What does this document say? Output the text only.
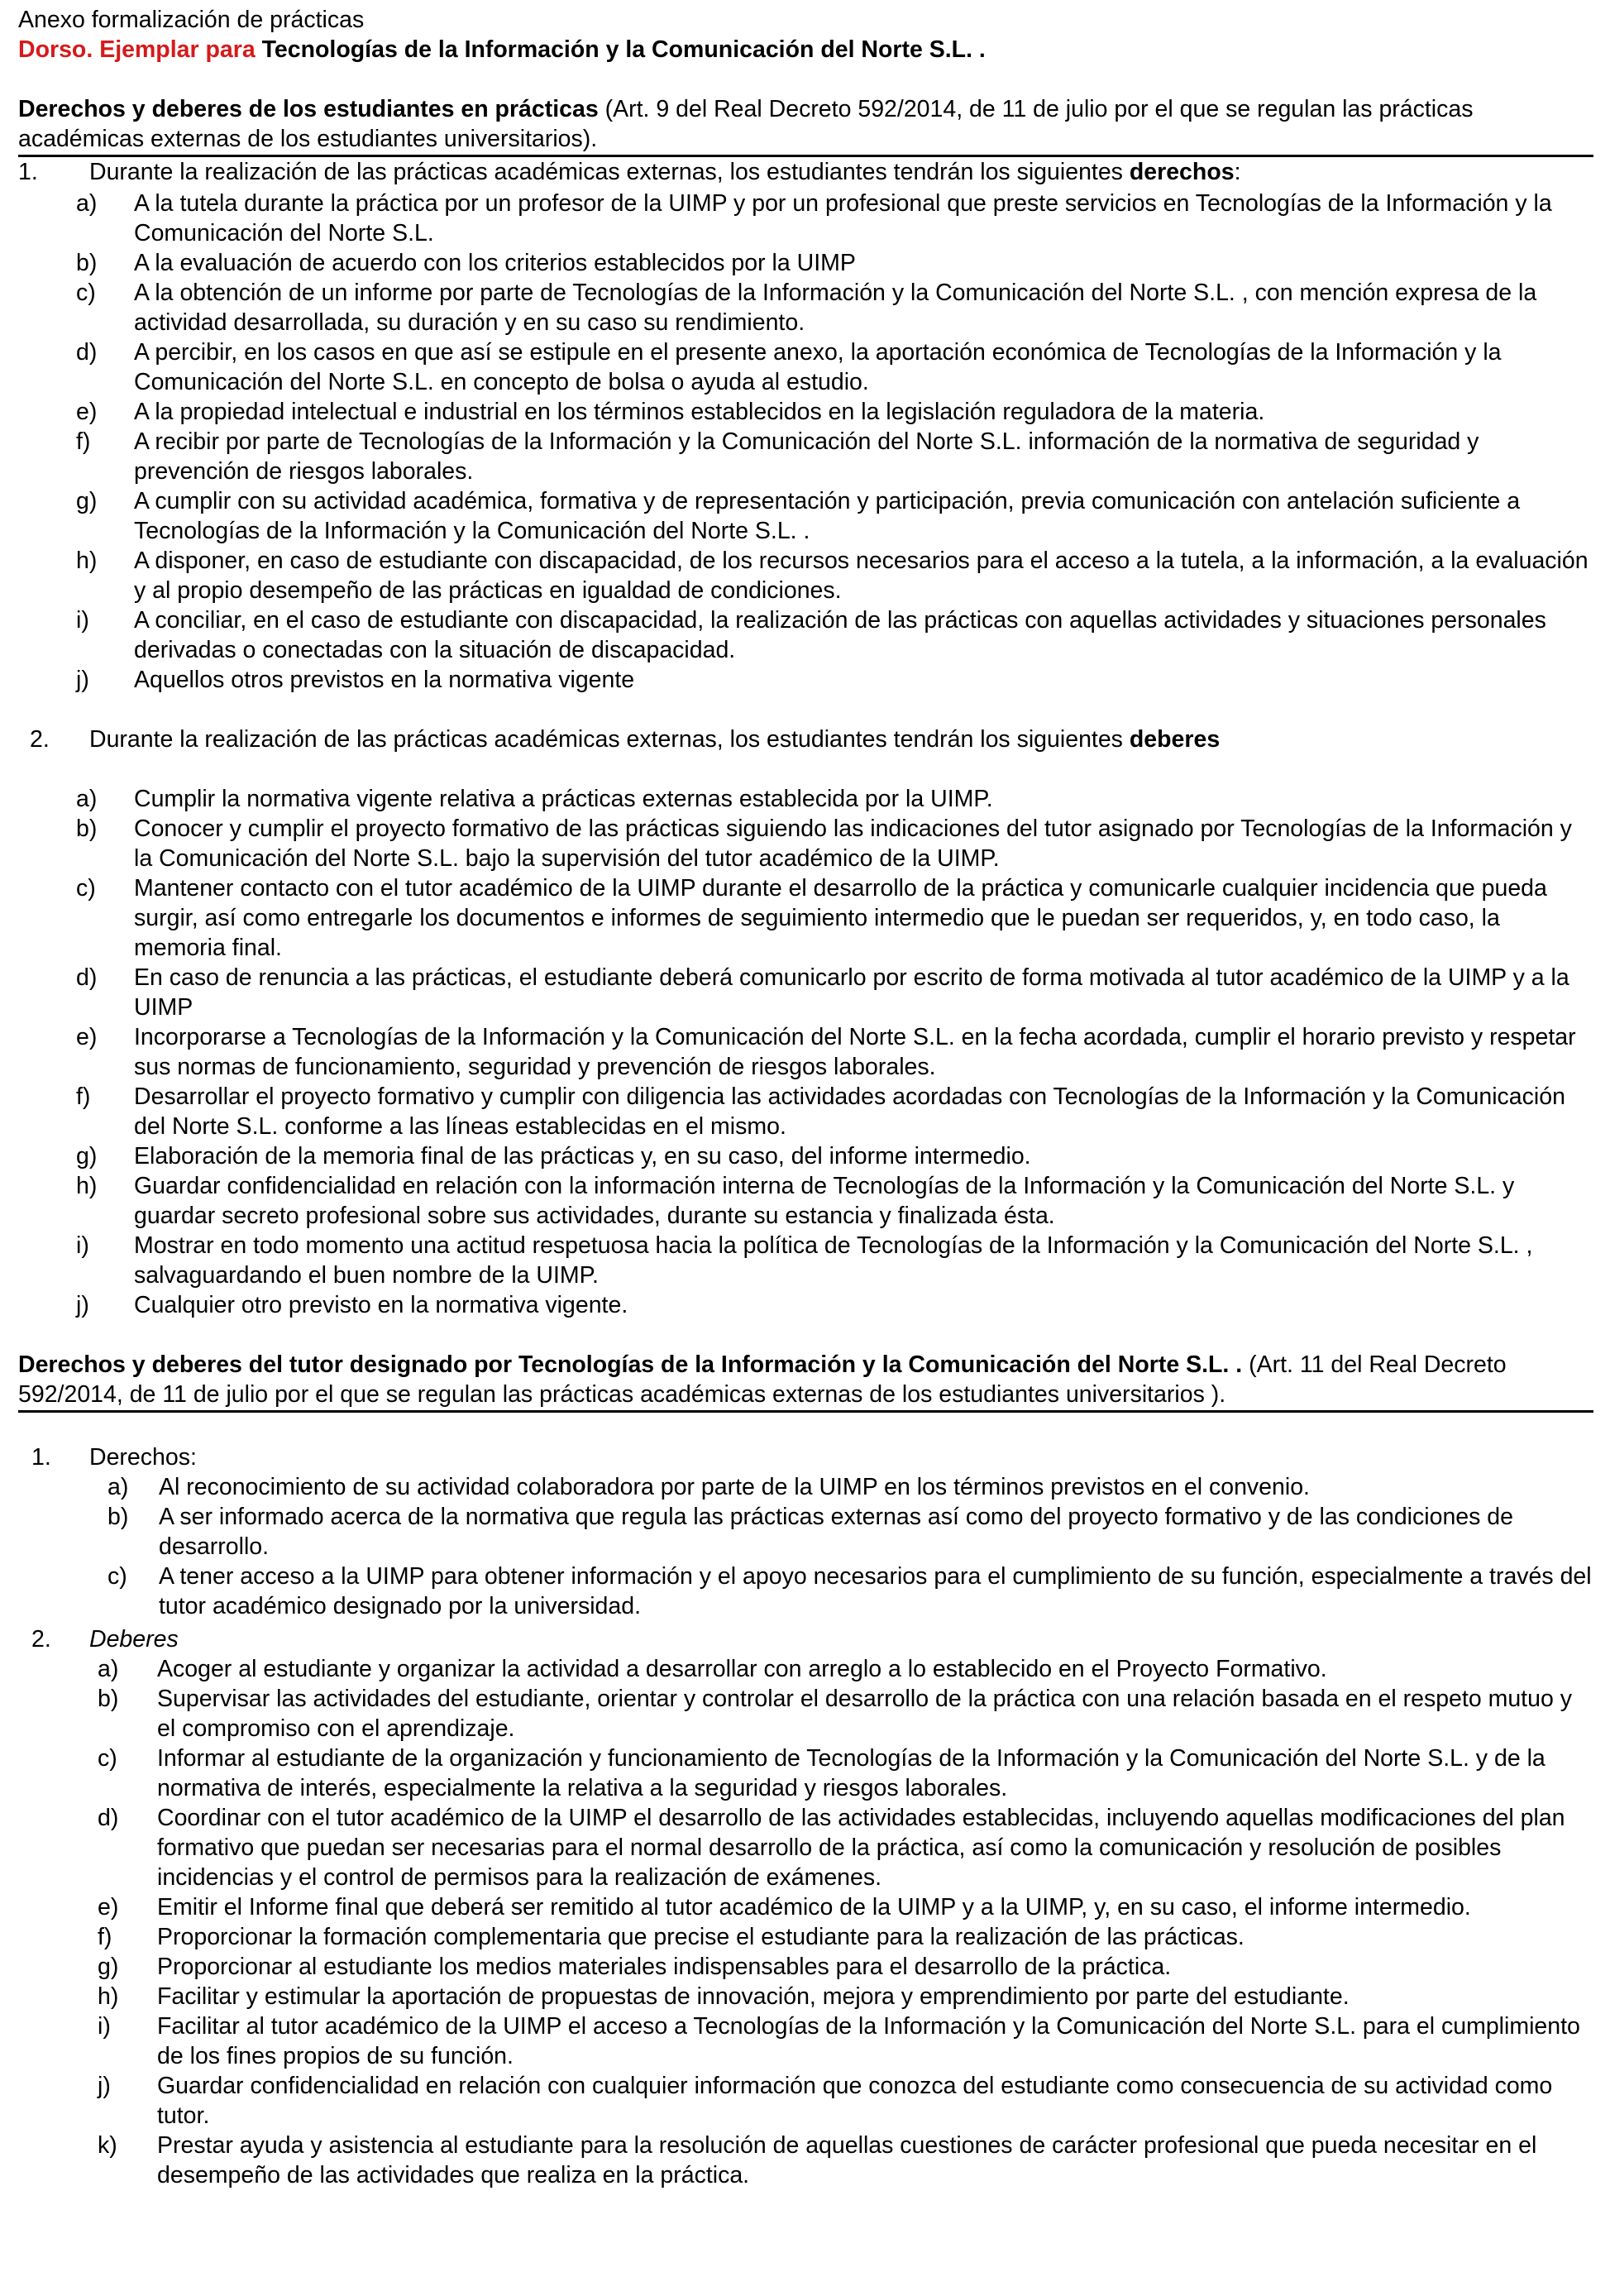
Anexo formalización de prácticas
Dorso. Ejemplar para Tecnologías de la Información y la Comunicación del Norte S.L. .
Derechos y deberes de los estudiantes en prácticas (Art. 9 del Real Decreto 592/2014, de 11 de julio por el que se regulan las prácticas académicas externas de los estudiantes universitarios).
1.	Durante la realización de las prácticas académicas externas, los estudiantes tendrán los siguientes derechos:
a)	A la tutela durante la práctica por un profesor de la UIMP y por un profesional que preste servicios en Tecnologías de la Información y la Comunicación del Norte S.L.
b)	A la evaluación de acuerdo con los criterios establecidos por la UIMP
c)	A la obtención de un informe por parte de Tecnologías de la Información y la Comunicación del Norte S.L. , con mención expresa de la actividad desarrollada, su duración y en su caso su rendimiento.
d)	A percibir, en los casos en que así se estipule en el presente anexo, la aportación económica de Tecnologías de la Información y la Comunicación del Norte S.L. en concepto de bolsa o ayuda al estudio.
e)	A la propiedad intelectual e industrial en los términos establecidos en la legislación reguladora de la materia.
f)	A recibir por parte de Tecnologías de la Información y la Comunicación del Norte S.L. información de la normativa de seguridad y prevención de riesgos laborales.
g)	A cumplir con su actividad académica, formativa y de representación y participación, previa comunicación con antelación suficiente a Tecnologías de la Información y la Comunicación del Norte S.L. .
h)	A disponer, en caso de estudiante con discapacidad, de los recursos necesarios para el acceso a la tutela, a la información, a la evaluación y al propio desempeño de las prácticas en igualdad de condiciones.
i)	A conciliar, en el caso de estudiante con discapacidad, la realización de las prácticas con aquellas actividades y situaciones personales derivadas o conectadas con la situación de discapacidad.
j)	Aquellos otros previstos en la normativa vigente
2.	Durante la realización de las prácticas académicas externas, los estudiantes tendrán los siguientes deberes
a)	Cumplir la normativa vigente relativa a prácticas externas establecida por la UIMP.
b)	Conocer y cumplir el proyecto formativo de las prácticas siguiendo las indicaciones del tutor asignado por Tecnologías de la Información y la Comunicación del Norte S.L. bajo la supervisión del tutor académico de la UIMP.
c)	Mantener contacto con el tutor académico de la UIMP durante el desarrollo de la práctica y comunicarle cualquier incidencia que pueda surgir, así como entregarle los documentos e informes de seguimiento intermedio que le puedan ser requeridos, y, en todo caso, la memoria final.
d)	En caso de renuncia a las prácticas, el estudiante deberá comunicarlo por escrito de forma motivada al tutor académico de la UIMP y a la UIMP
e)	Incorporarse a Tecnologías de la Información y la Comunicación del Norte S.L. en la fecha acordada, cumplir el horario previsto y respetar sus normas de funcionamiento, seguridad y prevención de riesgos laborales.
f)	Desarrollar el proyecto formativo y cumplir con diligencia las actividades acordadas con Tecnologías de la Información y la Comunicación del Norte S.L. conforme a las líneas establecidas en el mismo.
g)	Elaboración de la memoria final de las prácticas y, en su caso, del informe intermedio.
h)	Guardar confidencialidad en relación con la información interna de Tecnologías de la Información y la Comunicación del Norte S.L. y guardar secreto profesional sobre sus actividades, durante su estancia y finalizada ésta.
i)	Mostrar en todo momento una actitud respetuosa hacia la política de Tecnologías de la Información y la Comunicación del Norte S.L. , salvaguardando el buen nombre de la UIMP.
j)	Cualquier otro previsto en la normativa vigente.
Derechos y deberes del tutor designado por Tecnologías de la Información y la Comunicación del Norte S.L. . (Art. 11 del Real Decreto 592/2014, de 11 de julio por el que se regulan las prácticas académicas externas de los estudiantes universitarios ).
1.	Derechos:
a)	Al reconocimiento de su actividad colaboradora por parte de la UIMP en los términos previstos en el convenio.
b)	A ser informado acerca de la normativa que regula las prácticas externas así como del proyecto formativo y de las condiciones de desarrollo.
c)	A tener acceso a la UIMP para obtener información y el apoyo necesarios para el cumplimiento de su función, especialmente a través del tutor académico designado por la universidad.
2.	Deberes
a)	Acoger al estudiante y organizar la actividad a desarrollar con arreglo a lo establecido en el Proyecto Formativo.
b)	Supervisar las actividades del estudiante, orientar y controlar el desarrollo de la práctica con una relación basada en el respeto mutuo y el compromiso con el aprendizaje.
c)	Informar al estudiante de la organización y funcionamiento de Tecnologías de la Información y la Comunicación del Norte S.L. y de la normativa de interés, especialmente la relativa a la seguridad y riesgos laborales.
d)	Coordinar con el tutor académico de la UIMP el desarrollo de las actividades establecidas, incluyendo aquellas modificaciones del plan formativo que puedan ser necesarias para el normal desarrollo de la práctica, así como la comunicación y resolución de posibles incidencias y el control de permisos para la realización de exámenes.
e)	Emitir el Informe final que deberá ser remitido al tutor académico de la UIMP y a la UIMP, y, en su caso, el informe intermedio.
f)	Proporcionar la formación complementaria que precise el estudiante para la realización de las prácticas.
g)	Proporcionar al estudiante los medios materiales indispensables para el desarrollo de la práctica.
h)	Facilitar y estimular la aportación de propuestas de innovación, mejora y emprendimiento por parte del estudiante.
i)	Facilitar al tutor académico de la UIMP el acceso a Tecnologías de la Información y la Comunicación del Norte S.L. para el cumplimiento de los fines propios de su función.
j)	Guardar confidencialidad en relación con cualquier información que conozca del estudiante como consecuencia de su actividad como tutor.
k)	Prestar ayuda y asistencia al estudiante para la resolución de aquellas cuestiones de carácter profesional que pueda necesitar en el desempeño de las actividades que realiza en la práctica.
